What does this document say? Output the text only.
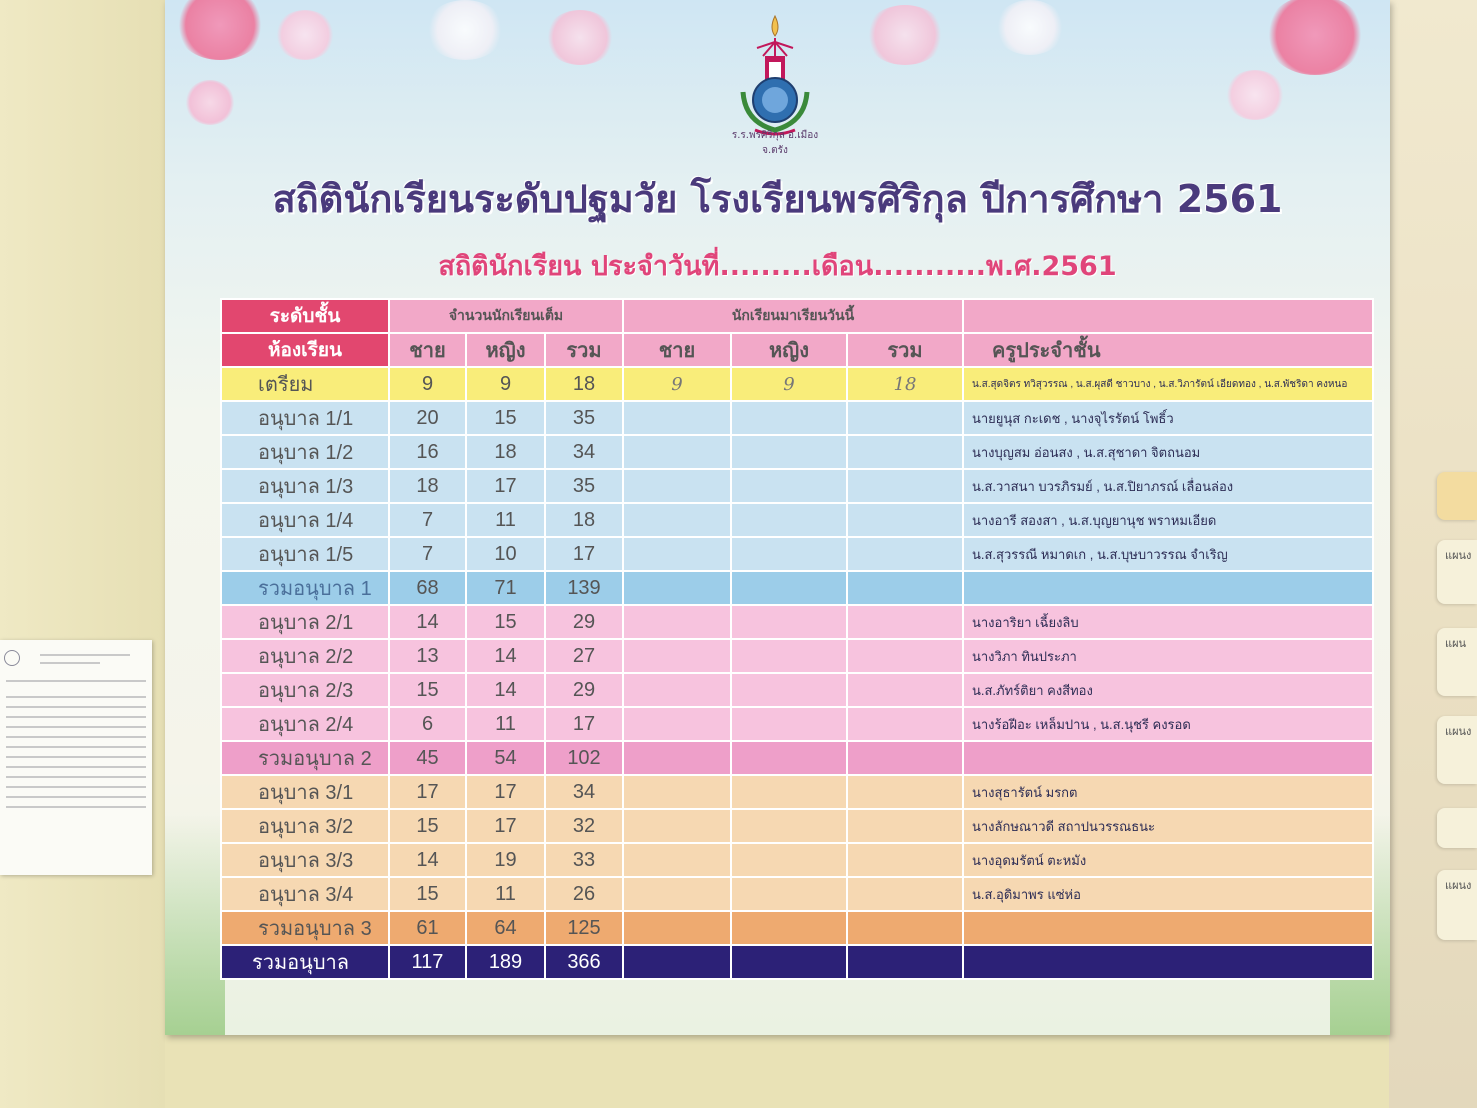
แผนง
แผน
แผนง
แผนง
ร.ร.พรศิริกุล อ.เมือง จ.ตรัง
สถิตินักเรียนระดับปฐมวัย โรงเรียนพรศิริกุล ปีการศึกษา 2561
สถิตินักเรียน ประจำวันที่.........เดือน...........พ.ศ.2561
ระดับชั้น	จำนวนนักเรียนเต็ม			นักเรียนมาเรียนวันนี้			
ห้องเรียน	ชาย	หญิง	รวม	ชาย	หญิง	รวม	ครูประจำชั้น
เตรียม	9	9	18	9	9	18	น.ส.สุดจิตร ทวิสุวรรณ , น.ส.ผุสดี ชาวบาง , น.ส.วิภารัตน์ เอียดทอง , น.ส.พัชริดา คงหนอ
อนุบาล 1/1	20	15	35				นายยูนุส กะเดช , นางจุไรรัตน์ โพธิ์ว
อนุบาล 1/2	16	18	34				นางบุญสม อ่อนสง , น.ส.สุชาดา จิตถนอม
อนุบาล 1/3	18	17	35				น.ส.วาสนา บวรภิรมย์ , น.ส.ปิยาภรณ์ เลื่อนล่อง
อนุบาล 1/4	7	11	18				นางอารี สองสา , น.ส.บุญยานุช พราหมเอียด
อนุบาล 1/5	7	10	17				น.ส.สุวรรณี หมาดเก , น.ส.บุษบาวรรณ จำเริญ
รวมอนุบาล 1	68	71	139				
อนุบาล 2/1	14	15	29				นางอาริยา เฉี้ยงลิบ
อนุบาล 2/2	13	14	27				นางวิภา ทินประภา
อนุบาล 2/3	15	14	29				น.ส.ภัทร์ติยา คงสีทอง
อนุบาล 2/4	6	11	17				นางร้อฝีอะ เหล็มปาน , น.ส.นุชรี คงรอด
รวมอนุบาล 2	45	54	102				
อนุบาล 3/1	17	17	34				นางสุธารัตน์ มรกต
อนุบาล 3/2	15	17	32				นางลักษณาวดี สถาปนวรรณธนะ
อนุบาล 3/3	14	19	33				นางอุดมรัตน์ ตะหมัง
อนุบาล 3/4	15	11	26				น.ส.อุดิมาพร แซ่ห่อ
รวมอนุบาล 3	61	64	125				
รวมอนุบาล	117	189	366				
